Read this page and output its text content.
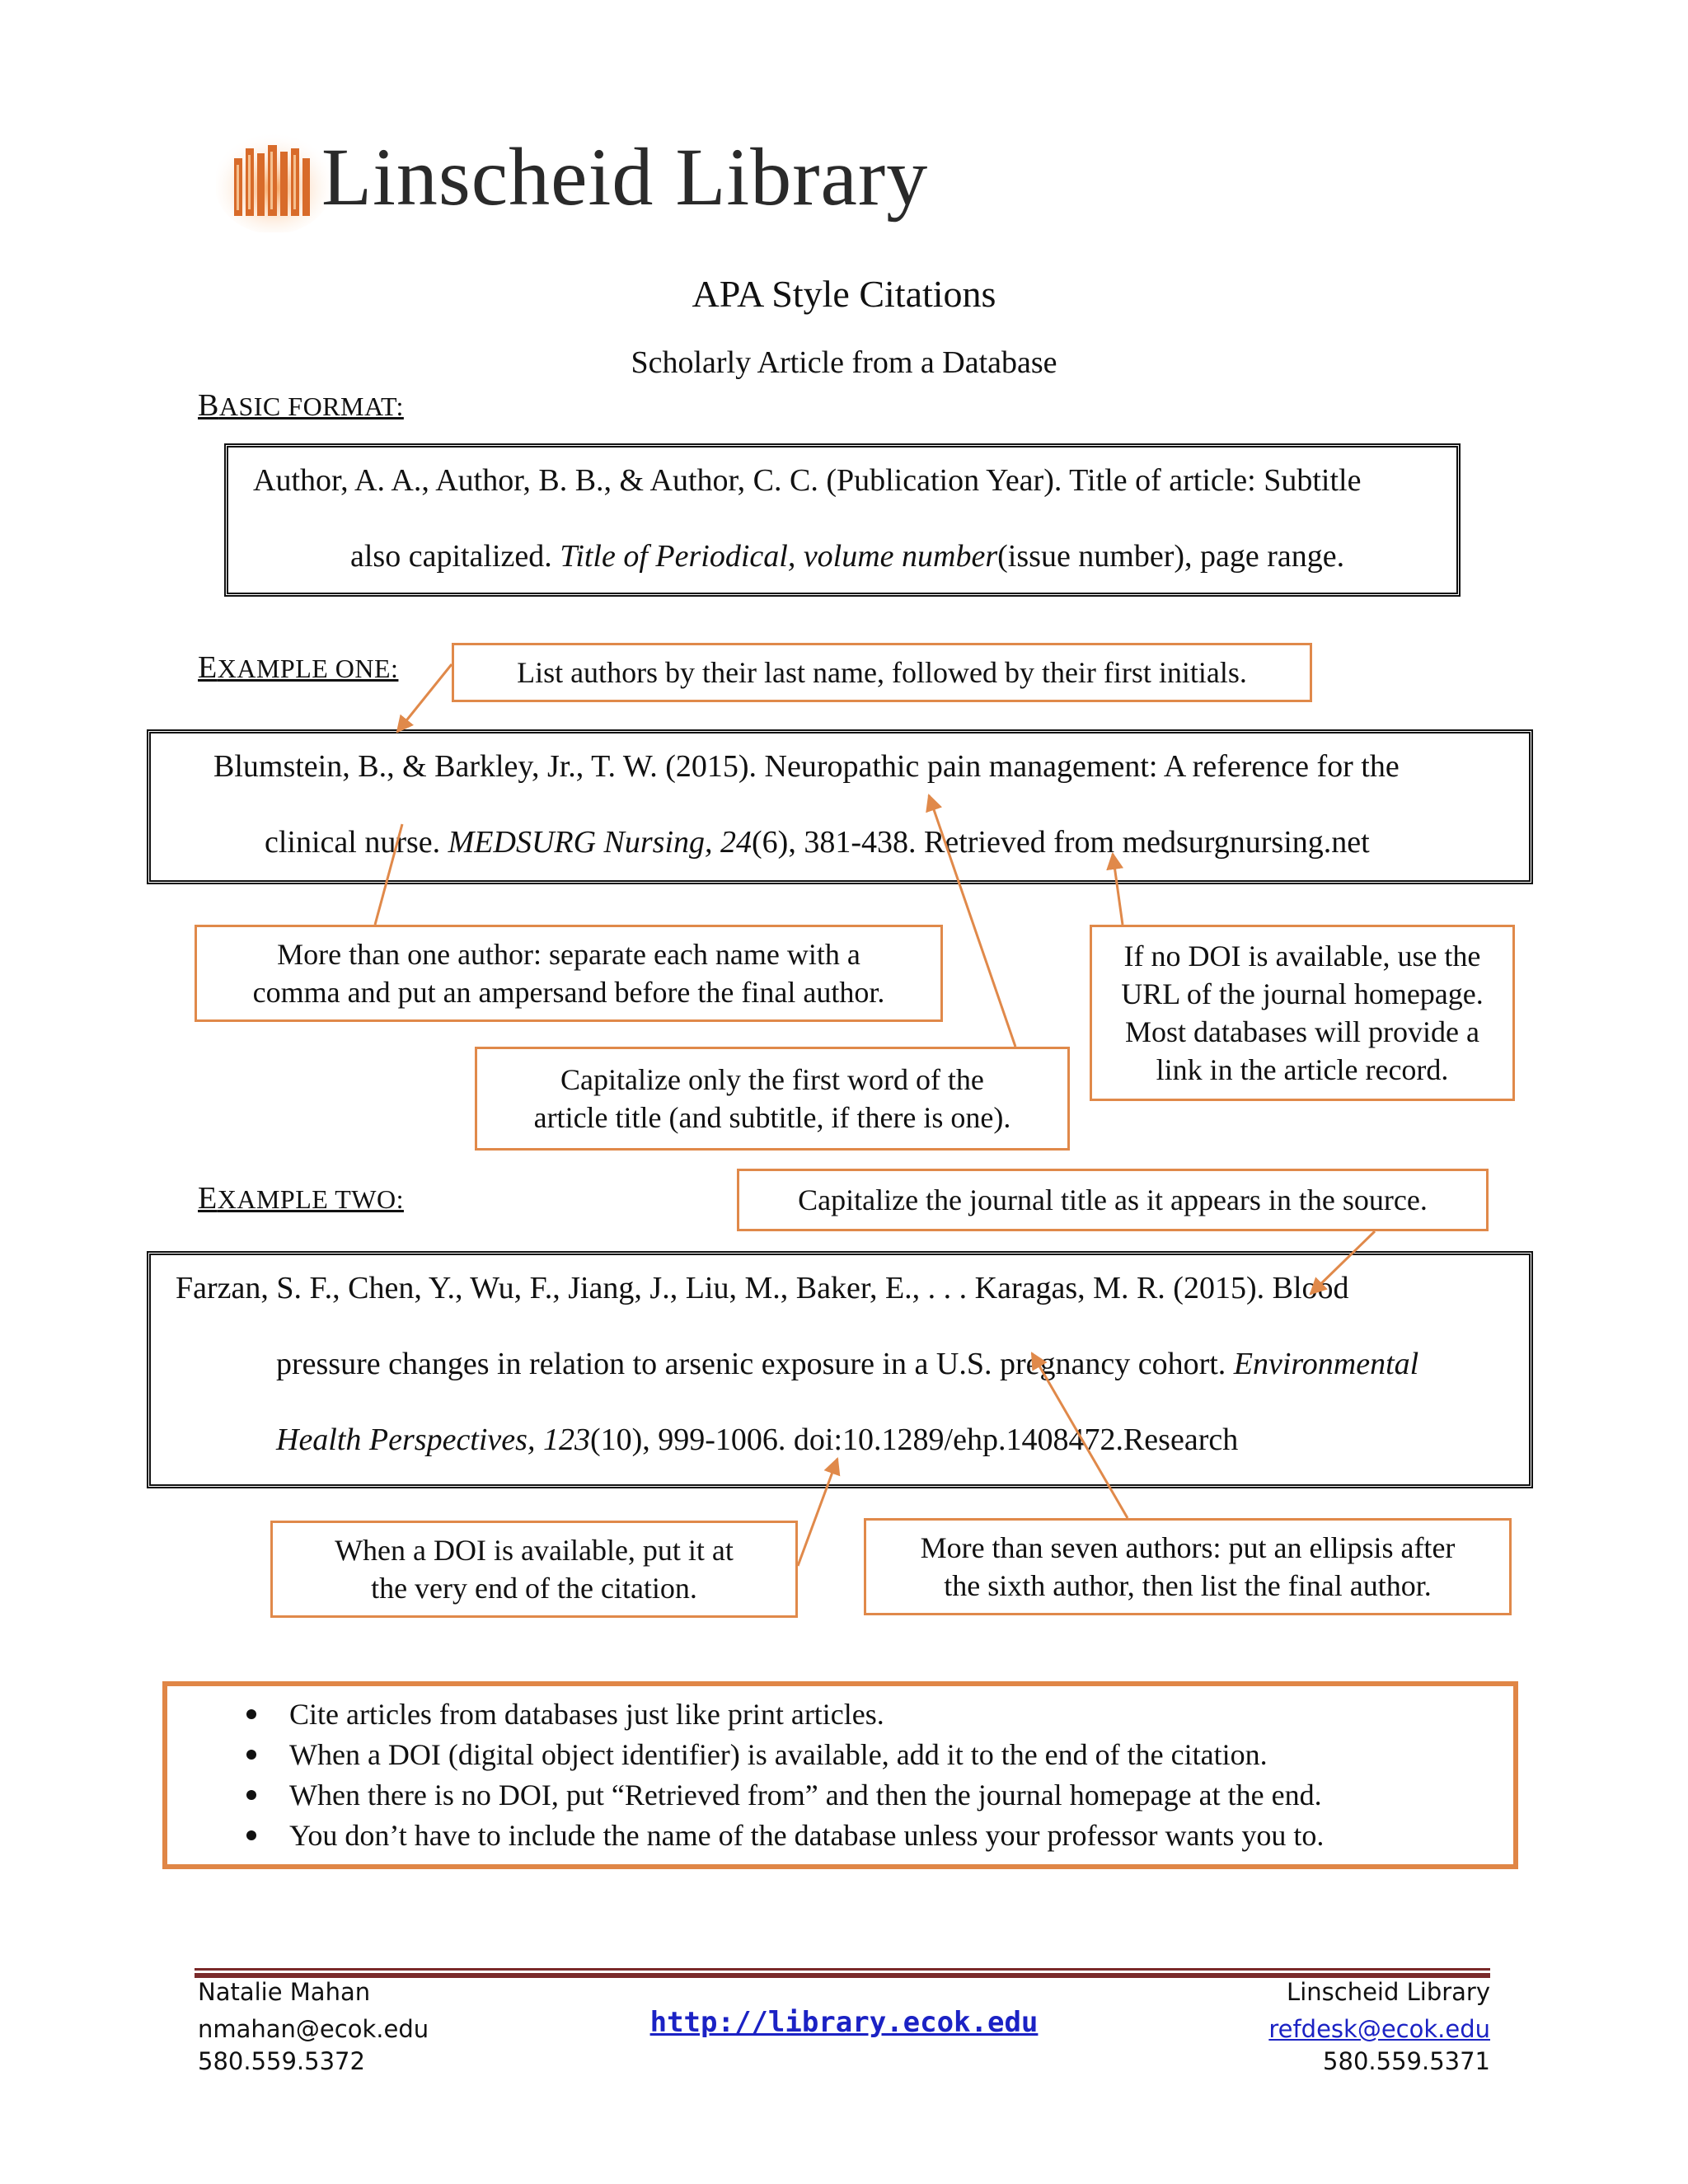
Linscheid Library
APA Style Citations
Scholarly Article from a Database
BASIC FORMAT:
Author, A. A., Author, B. B., & Author, C. C. (Publication Year). Title of article: Subtitle
also capitalized. Title of Periodical, volume number(issue number), page range.
EXAMPLE ONE:	List authors by their last name, followed by their first initials.
Blumstein, B., & Barkley, Jr., T. W. (2015). Neuropathic pain management: A reference for the
clinical nurse. MEDSURG Nursing, 24(6), 381-438. Retrieved from medsurgnursing.net
More than one author: separate each name with a
comma and put an ampersand before the final author.
If no DOI is available, use the
URL of the journal homepage.
Most databases will provide a
link in the article record.
Capitalize only the first word of the
article title (and subtitle, if there is one).
EXAMPLE TWO:	Capitalize the journal title as it appears in the source.
Farzan, S. F., Chen, Y., Wu, F., Jiang, J., Liu, M., Baker, E., . . . Karagas, M. R. (2015). Blood
pressure changes in relation to arsenic exposure in a U.S. pregnancy cohort. Environmental
Health Perspectives, 123(10), 999-1006. doi:10.1289/ehp.1408472.Research
When a DOI is available, put it at
the very end of the citation.
More than seven authors: put an ellipsis after
the sixth author, then list the final author.
Cite articles from databases just like print articles.
When a DOI (digital object identifier) is available, add it to the end of the citation.
When there is no DOI, put “Retrieved from” and then the journal homepage at the end.
You don’t have to include the name of the database unless your professor wants you to.
Natalie Mahan
nmahan@ecok.edu
580.559.5372
http://library.ecok.edu
Linscheid Library
refdesk@ecok.edu
580.559.5371
